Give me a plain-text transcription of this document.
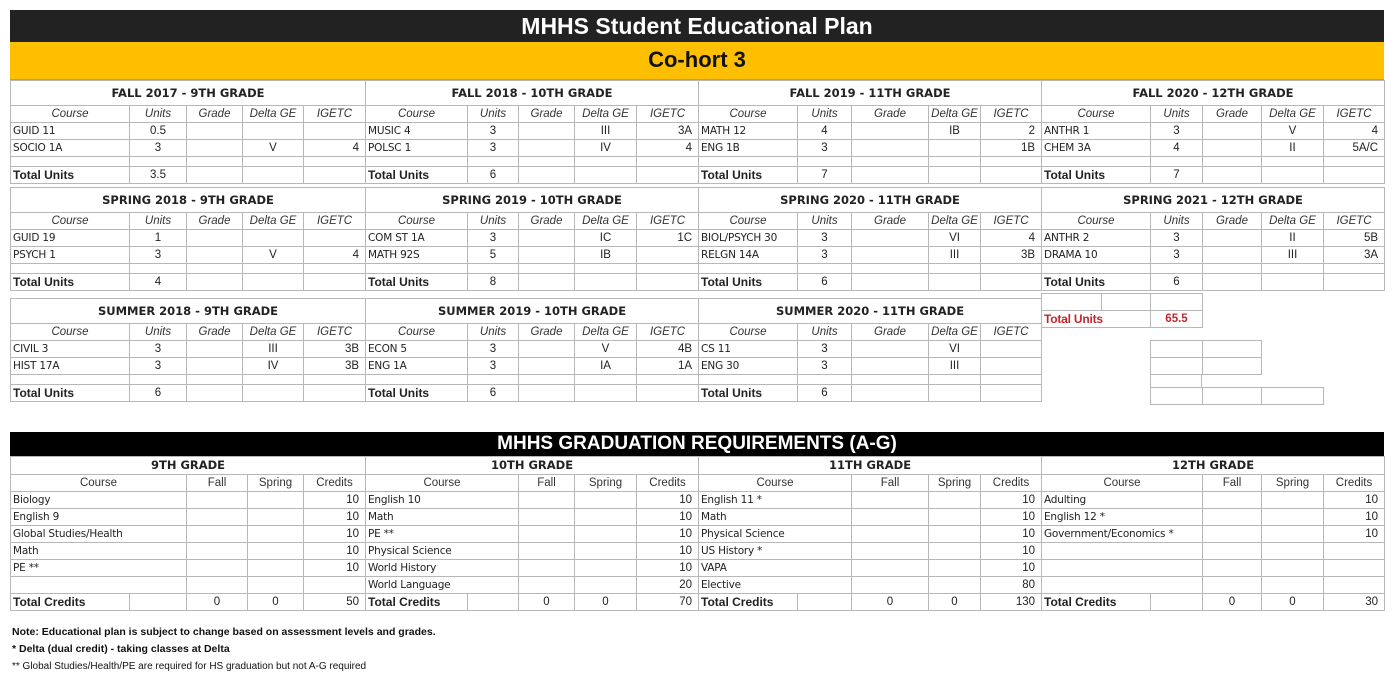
MHHS Student Educational Plan
Co-hort 3
FALL 2017 - 9TH GRADE				
Course	Units	Grade	Delta GE	IGETC
GUID 11	0.5			
SOCIO 1A	3		V	4

Total Units	3.5			
FALL 2018 - 10TH GRADE				
Course	Units	Grade	Delta GE	IGETC
MUSIC 4	3		III	3A
POLSC 1	3		IV	4

Total Units	6			
FALL 2019 - 11TH GRADE				
Course	Units	Grade	Delta GE	IGETC
MATH 12	4		IB	2
ENG 1B	3			1B

Total Units	7			
FALL 2020 - 12TH GRADE				
Course	Units	Grade	Delta GE	IGETC
ANTHR 1	3		V	4
CHEM 3A	4		II	5A/C

Total Units	7			
SPRING 2018 - 9TH GRADE				
Course	Units	Grade	Delta GE	IGETC
GUID 19	1			
PSYCH 1	3		V	4

Total Units	4			
SPRING 2019 - 10TH GRADE				
Course	Units	Grade	Delta GE	IGETC
COM ST 1A	3		IC	1C
MATH 92S	5		IB	

Total Units	8			
SPRING 2020 - 11TH GRADE				
Course	Units	Grade	Delta GE	IGETC
BIOL/PSYCH 30	3		VI	4
RELGN 14A	3		III	3B

Total Units	6			
SPRING 2021 - 12TH GRADE				
Course	Units	Grade	Delta GE	IGETC
ANTHR 2	3		II	5B
DRAMA 10	3		III	3A

Total Units	6			
SUMMER 2018 - 9TH GRADE				
Course	Units	Grade	Delta GE	IGETC
CIVIL 3	3		III	3B
HIST 17A	3		IV	3B

Total Units	6			
SUMMER 2019 - 10TH GRADE				
Course	Units	Grade	Delta GE	IGETC
ECON 5	3		V	4B
ENG 1A	3		IA	1A

Total Units	6			
SUMMER 2020 - 11TH GRADE				
Course	Units	Grade	Delta GE	IGETC
CS 11	3		VI	
ENG 30	3		III	

Total Units	6			

Total Units		65.5

MHHS GRADUATION REQUIREMENTS (A-G)
9TH GRADE				
Course		Fall	Spring	Credits
Biology				10
English 9				10
Global Studies/Health				10
Math				10
PE **				10

Total Credits		0	0	50
10TH GRADE				
Course		Fall	Spring	Credits
English 10				10
Math				10
PE **				10
Physical Science				10
World History				10
World Language				20
Total Credits		0	0	70
11TH GRADE				
Course		Fall	Spring	Credits
English 11 *				10
Math				10
Physical Science				10
US History *				10
VAPA				10
Elective				80
Total Credits		0	0	130
12TH GRADE				
Course		Fall	Spring	Credits
Adulting				10
English 12 *				10
Government/Economics *				10

Total Credits		0	0	30
Note: Educational plan is subject to change based on assessment levels and grades.
* Delta (dual credit) - taking classes at Delta
** Global Studies/Health/PE are required for HS graduation but not A-G required
